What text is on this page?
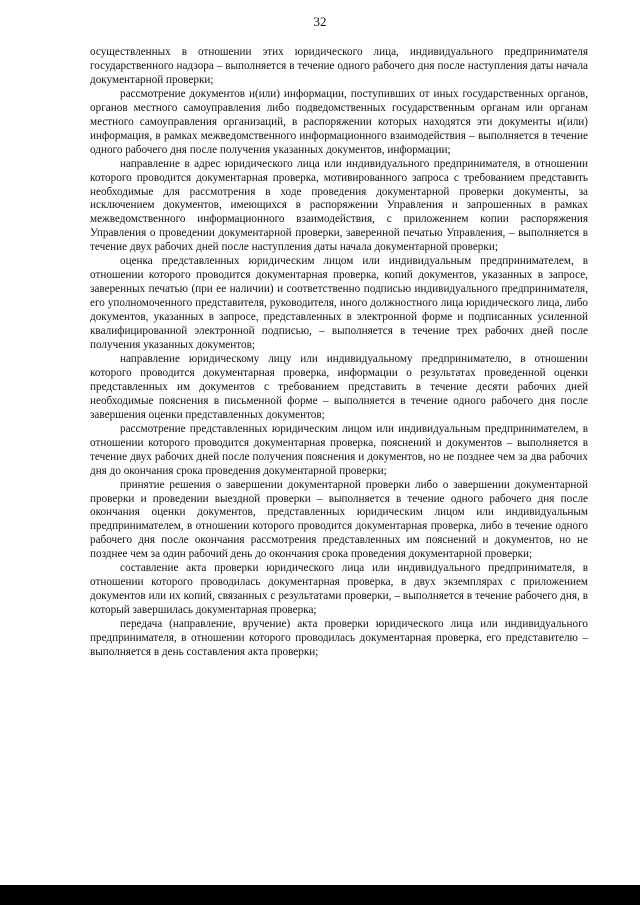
32

осуществленных в отношении этих юридического лица, индивидуального предпринимателя государственного надзора – выполняется в течение одного рабочего дня после наступления даты начала документарной проверки;

рассмотрение документов и(или) информации, поступивших от иных государственных органов, органов местного самоуправления либо подведомственных государственным органам или органам местного самоуправления организаций, в распоряжении которых находятся эти документы и(или) информация, в рамках межведомственного информационного взаимодействия – выполняется в течение одного рабочего дня после получения указанных документов, информации;

направление в адрес юридического лица или индивидуального предпринимателя, в отношении которого проводится документарная проверка, мотивированного запроса с требованием представить необходимые для рассмотрения в ходе проведения документарной проверки документы, за исключением документов, имеющихся в распоряжении Управления и запрошенных в рамках межведомственного информационного взаимодействия, с приложением копии распоряжения Управления о проведении документарной проверки, заверенной печатью Управления, – выполняется в течение двух рабочих дней после наступления даты начала документарной проверки;

оценка представленных юридическим лицом или индивидуальным предпринимателем, в отношении которого проводится документарная проверка, копий документов, указанных в запросе, заверенных печатью (при ее наличии) и соответственно подписью индивидуального предпринимателя, его уполномоченного представителя, руководителя, иного должностного лица юридического лица, либо документов, указанных в запросе, представленных в электронной форме и подписанных усиленной квалифицированной электронной подписью, – выполняется в течение трех рабочих дней после получения указанных документов;

направление юридическому лицу или индивидуальному предпринимателю, в отношении которого проводится документарная проверка, информации о результатах проведенной оценки представленных им документов с требованием представить в течение десяти рабочих дней необходимые пояснения в письменной форме – выполняется в течение одного рабочего дня после завершения оценки представленных документов;

рассмотрение представленных юридическим лицом или индивидуальным предпринимателем, в отношении которого проводится документарная проверка, пояснений и документов – выполняется в течение двух рабочих дней после получения пояснения и документов, но не позднее чем за два рабочих дня до окончания срока проведения документарной проверки;

принятие решения о завершении документарной проверки либо о завершении документарной проверки и проведении выездной проверки – выполняется в течение одного рабочего дня после окончания оценки документов, представленных юридическим лицом или индивидуальным предпринимателем, в отношении которого проводится документарная проверка, либо в течение одного рабочего дня после окончания рассмотрения представленных им пояснений и документов, но не позднее чем за один рабочий день до окончания срока проведения документарной проверки;

составление акта проверки юридического лица или индивидуального предпринимателя, в отношении которого проводилась документарная проверка, в двух экземплярах с приложением документов или их копий, связанных с результатами проверки, – выполняется в течение рабочего дня, в который завершилась документарная проверка;

передача (направление, вручение) акта проверки юридического лица или индивидуального предпринимателя, в отношении которого проводилась документарная проверка, его представителю – выполняется в день составления акта проверки;
